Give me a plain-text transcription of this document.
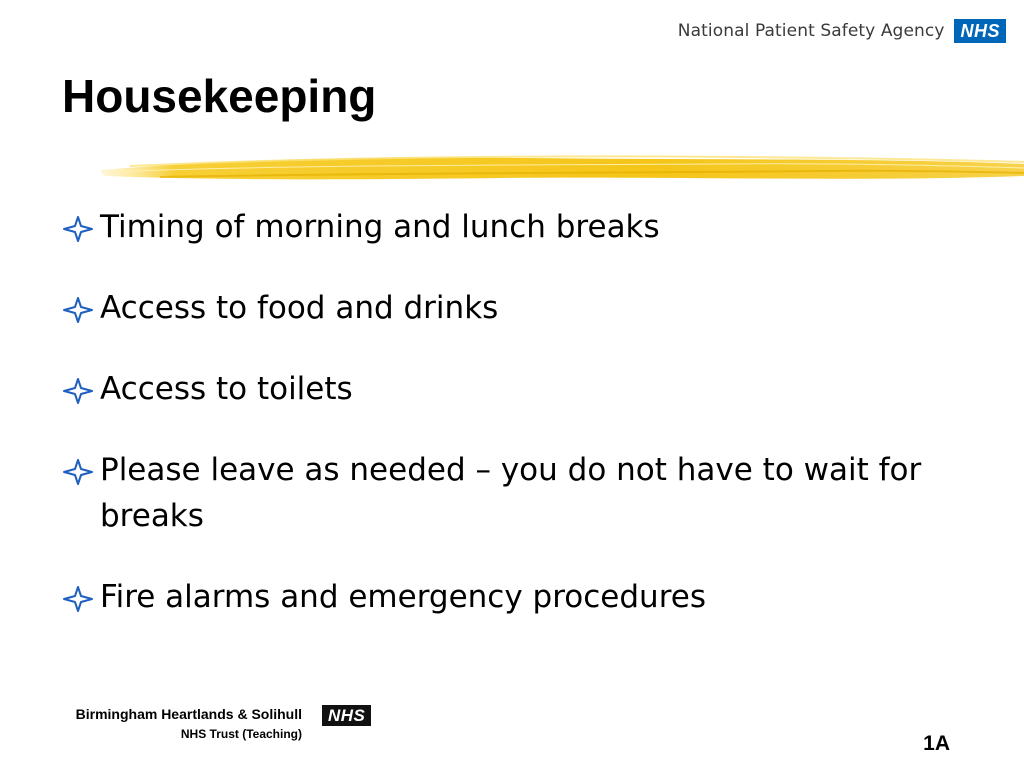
National Patient Safety Agency NHS
Housekeeping
Timing of morning and lunch breaks
Access to food and drinks
Access to toilets
Please leave as needed – you do not have to wait for breaks
Fire alarms and emergency procedures
Birmingham Heartlands & Solihull
NHS Trust (Teaching)
NHS
1A
